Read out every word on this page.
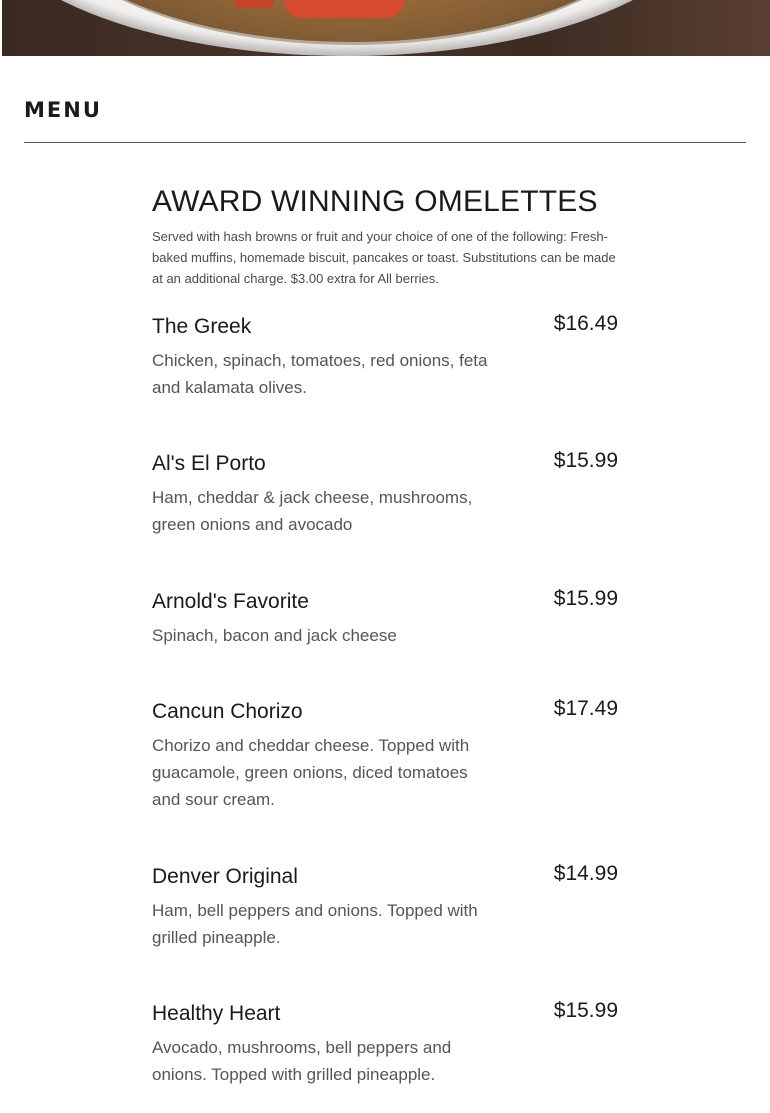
MENU
AWARD WINNING OMELETTES

Served with hash browns or fruit and your choice of one of the following: Fresh-baked muffins, homemade biscuit, pancakes or toast. Substitutions can be made at an additional charge. $3.00 extra for All berries.

The Greek	$16.49
Chicken, spinach, tomatoes, red onions, feta and kalamata olives.
Al's El Porto	$15.99
Ham, cheddar & jack cheese, mushrooms, green onions and avocado
Arnold's Favorite	$15.99
Spinach, bacon and jack cheese
Cancun Chorizo	$17.49
Chorizo and cheddar cheese. Topped with guacamole, green onions, diced tomatoes and sour cream.
Denver Original	$14.99
Ham, bell peppers and onions. Topped with grilled pineapple.
Healthy Heart	$15.99
Avocado, mushrooms, bell peppers and onions. Topped with grilled pineapple.
